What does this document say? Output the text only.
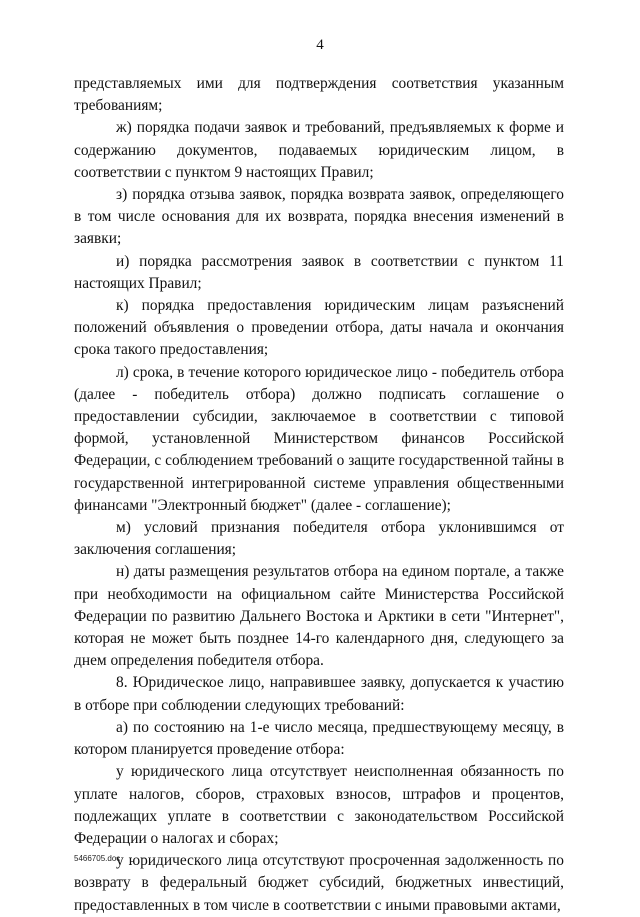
4

представляемых ими для подтверждения соответствия указанным требованиям;

ж) порядка подачи заявок и требований, предъявляемых к форме и содержанию документов, подаваемых юридическим лицом, в соответствии с пунктом 9 настоящих Правил;

з) порядка отзыва заявок, порядка возврата заявок, определяющего в том числе основания для их возврата, порядка внесения изменений в заявки;

и) порядка рассмотрения заявок в соответствии с пунктом 11 настоящих Правил;

к) порядка предоставления юридическим лицам разъяснений положений объявления о проведении отбора, даты начала и окончания срока такого предоставления;

л) срока, в течение которого юридическое лицо - победитель отбора (далее - победитель отбора) должно подписать соглашение о предоставлении субсидии, заключаемое в соответствии с типовой формой, установленной Министерством финансов Российской Федерации, с соблюдением требований о защите государственной тайны в государственной интегрированной системе управления общественными финансами "Электронный бюджет" (далее - соглашение);

м) условий признания победителя отбора уклонившимся от заключения соглашения;

н) даты размещения результатов отбора на едином портале, а также при необходимости на официальном сайте Министерства Российской Федерации по развитию Дальнего Востока и Арктики в сети "Интернет", которая не может быть позднее 14-го календарного дня, следующего за днем определения победителя отбора.

8. Юридическое лицо, направившее заявку, допускается к участию в отборе при соблюдении следующих требований:

а) по состоянию на 1-е число месяца, предшествующему месяцу, в котором планируется проведение отбора:

у юридического лица отсутствует неисполненная обязанность по уплате налогов, сборов, страховых взносов, штрафов и процентов, подлежащих уплате в соответствии с законодательством Российской Федерации о налогах и сборах;

у юридического лица отсутствуют просроченная задолженность по возврату в федеральный бюджет субсидий, бюджетных инвестиций, предоставленных в том числе в соответствии с иными правовыми актами,

5466705.doc
